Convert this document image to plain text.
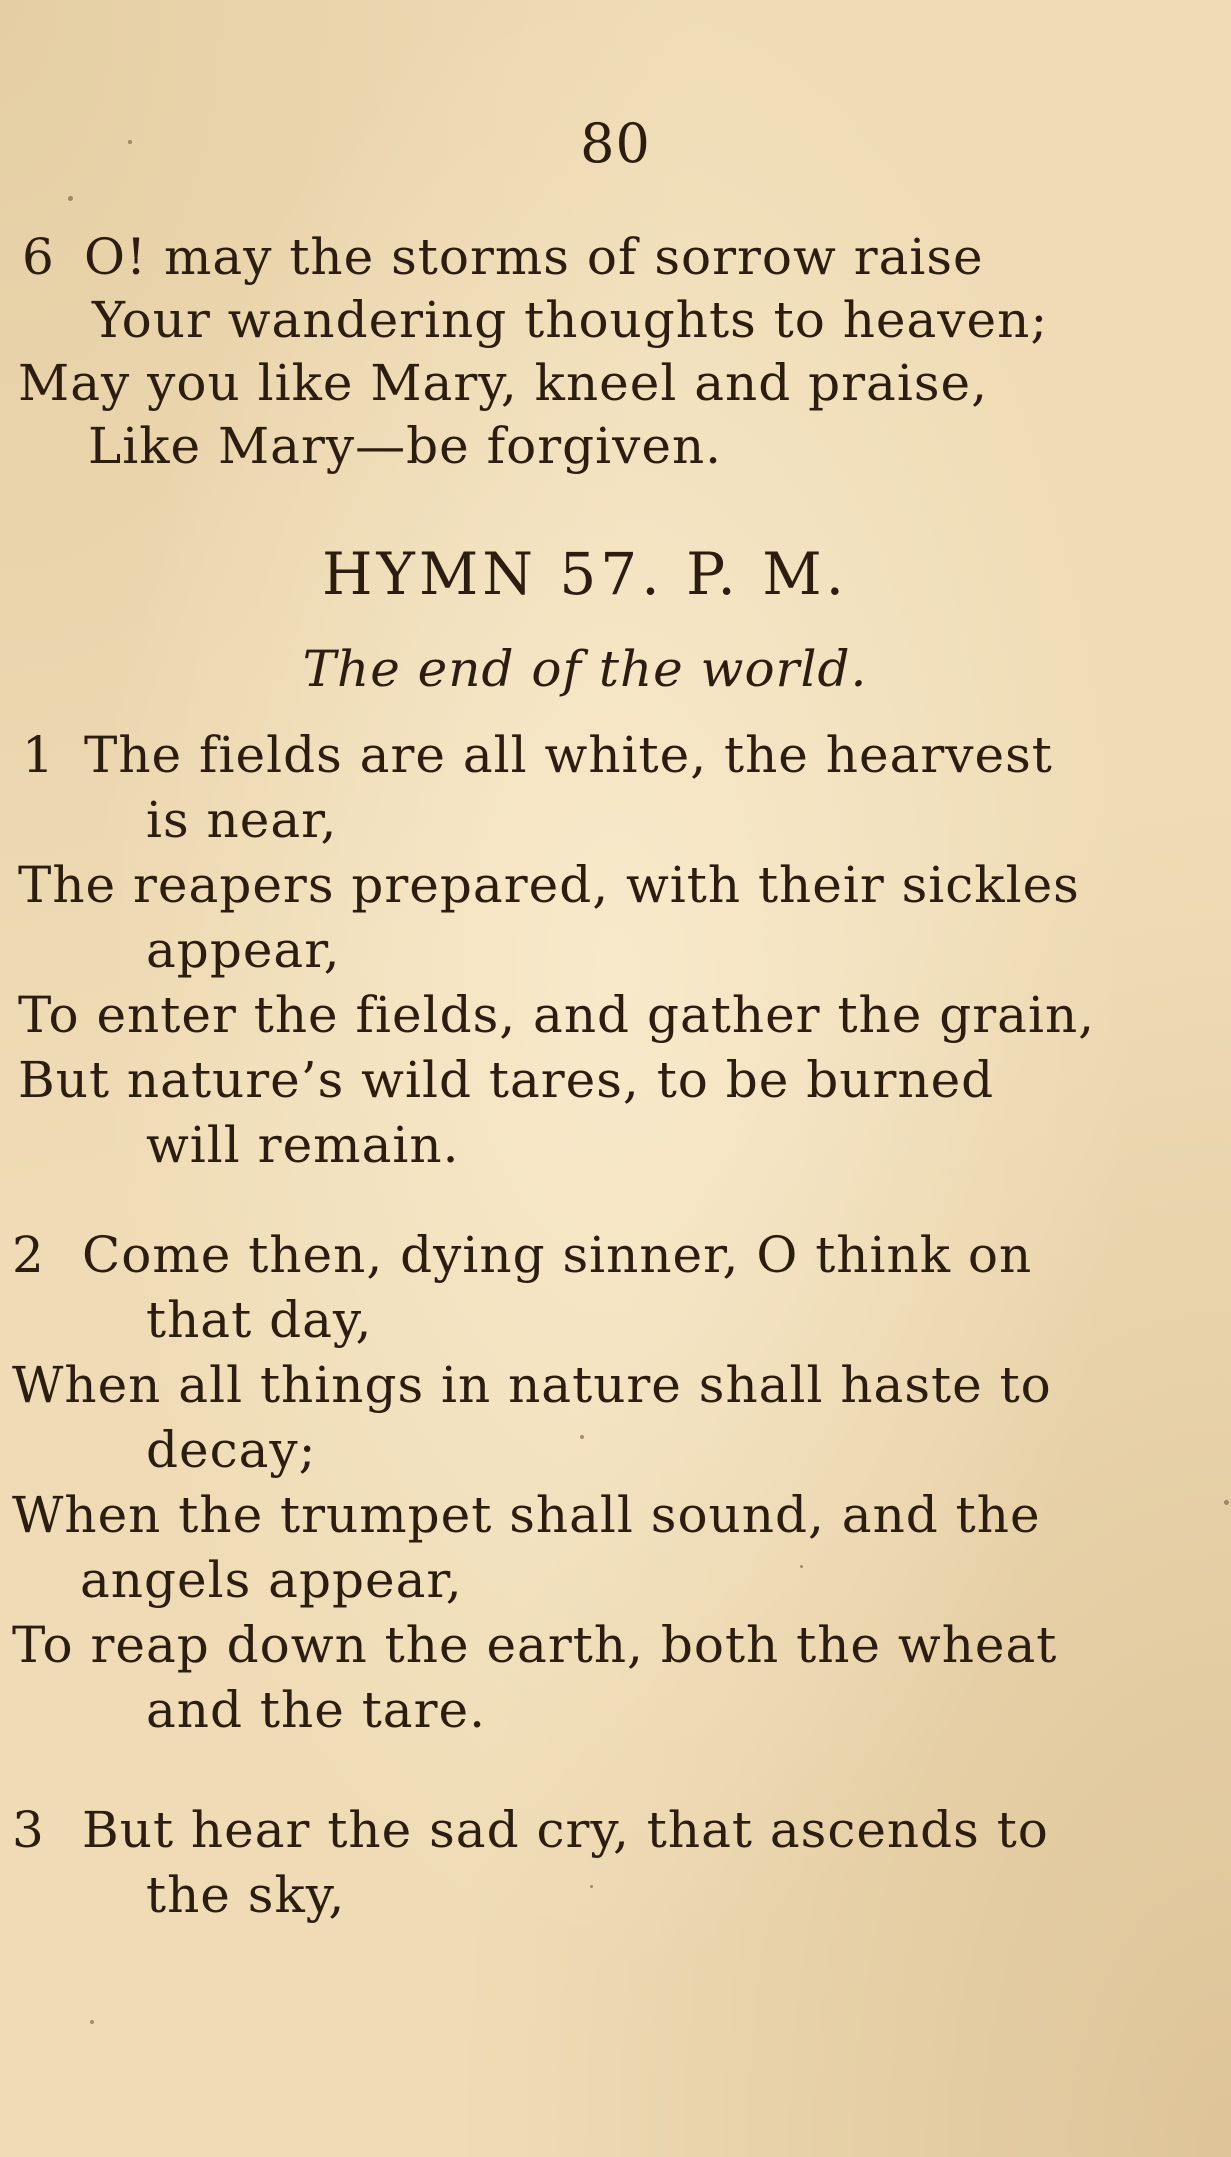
80
6 O! may the storms of sorrow raise
Your wandering thoughts to heaven;
May you like Mary, kneel and praise,
Like Mary—be forgiven.
HYMN 57. P. M.
The end of the world.
1 The fields are all white, the hearvest
is near,
The reapers prepared, with their sickles
appear,
To enter the fields, and gather the grain,
But nature’s wild tares, to be burned
will remain.
2 Come then, dying sinner, O think on
that day,
When all things in nature shall haste to
decay;
When the trumpet shall sound, and the
angels appear,
To reap down the earth, both the wheat
and the tare.
3 But hear the sad cry, that ascends to
the sky,
